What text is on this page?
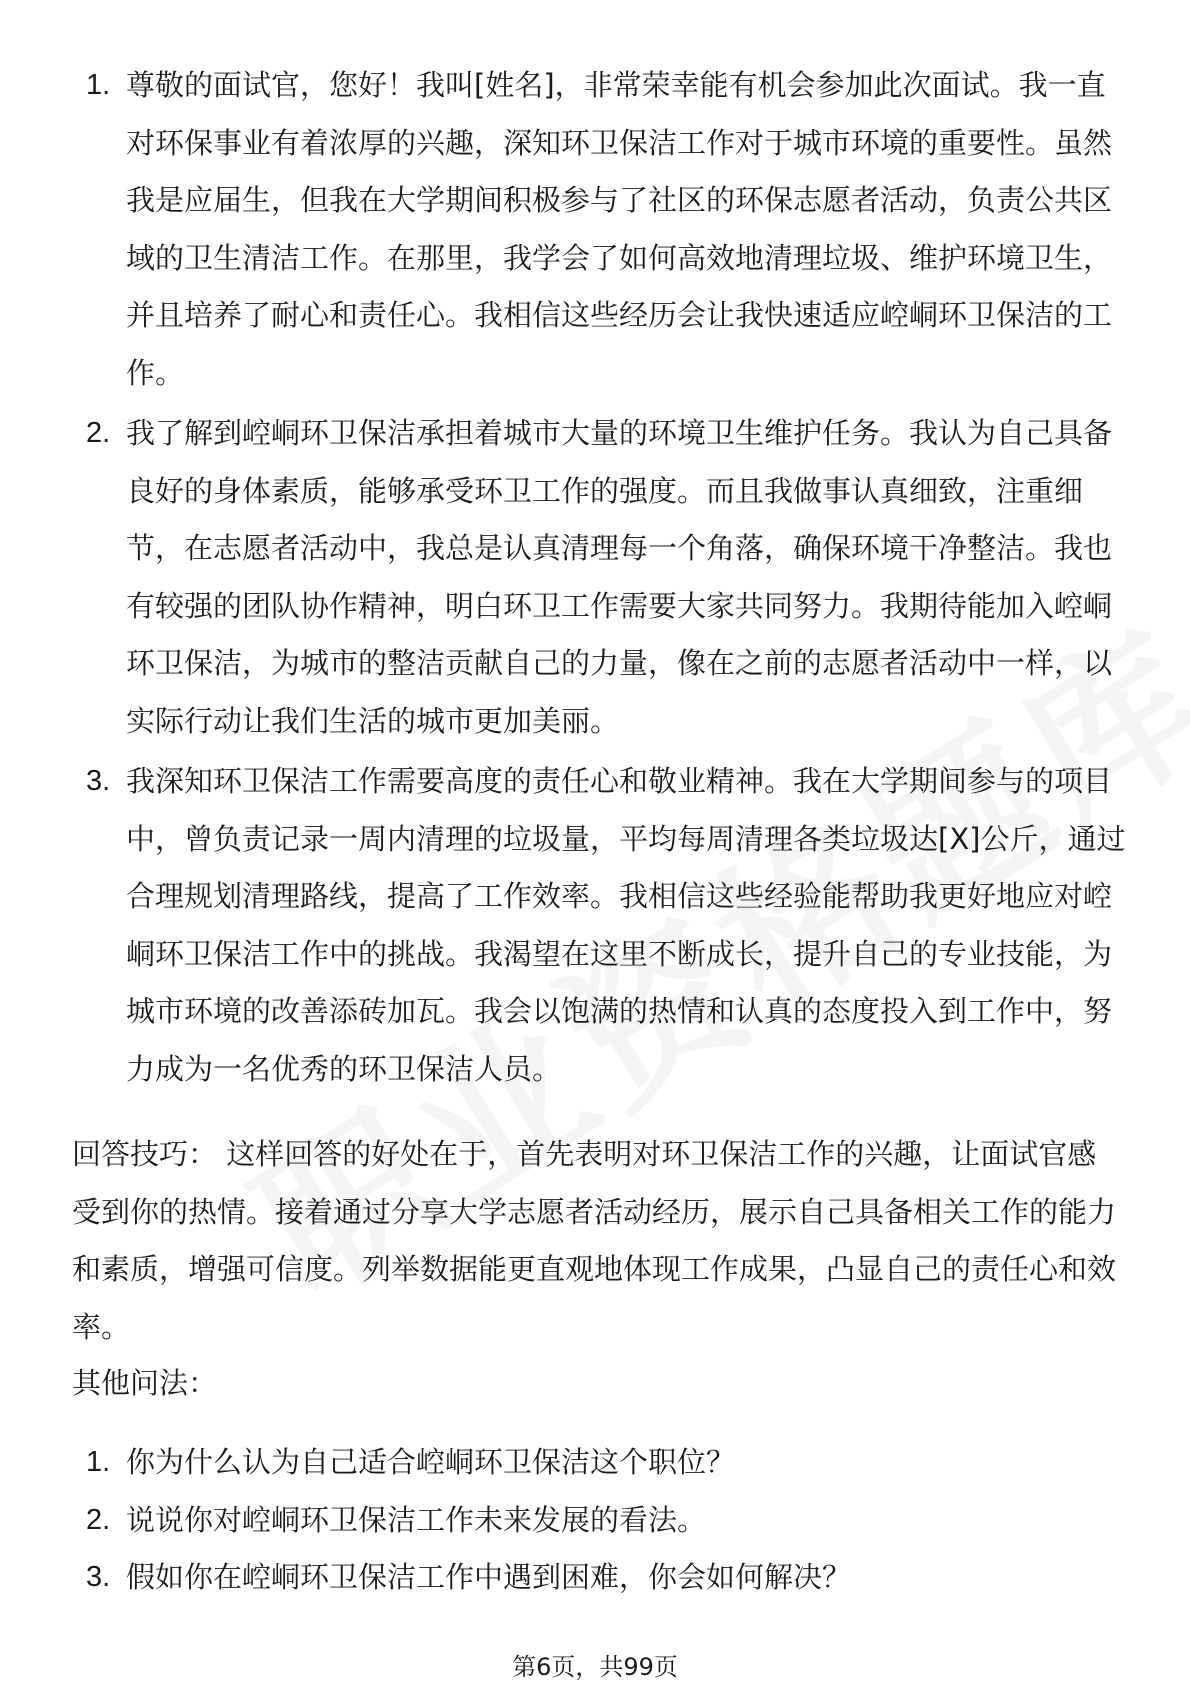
1. 尊敬的面试官，您好！我叫[姓名]，非常荣幸能有机会参加此次面试。我一直对环保事业有着浓厚的兴趣，深知环卫保洁工作对于城市环境的重要性。虽然我是应届生，但我在大学期间积极参与了社区的环保志愿者活动，负责公共区域的卫生清洁工作。在那里，我学会了如何高效地清理垃圾、维护环境卫生，并且培养了耐心和责任心。我相信这些经历会让我快速适应崆峒环卫保洁的工作。
2. 我了解到崆峒环卫保洁承担着城市大量的环境卫生维护任务。我认为自己具备良好的身体素质，能够承受环卫工作的强度。而且我做事认真细致，注重细节，在志愿者活动中，我总是认真清理每一个角落，确保环境干净整洁。我也有较强的团队协作精神，明白环卫工作需要大家共同努力。我期待能加入崆峒环卫保洁，为城市的整洁贡献自己的力量，像在之前的志愿者活动中一样，以实际行动让我们生活的城市更加美丽。
3. 我深知环卫保洁工作需要高度的责任心和敬业精神。我在大学期间参与的项目中，曾负责记录一周内清理的垃圾量，平均每周清理各类垃圾达[X]公斤，通过合理规划清理路线，提高了工作效率。我相信这些经验能帮助我更好地应对崆峒环卫保洁工作中的挑战。我渴望在这里不断成长，提升自己的专业技能，为城市环境的改善添砖加瓦。我会以饱满的热情和认真的态度投入到工作中，努力成为一名优秀的环卫保洁人员。

回答技巧： 这样回答的好处在于，首先表明对环卫保洁工作的兴趣，让面试官感受到你的热情。接着通过分享大学志愿者活动经历，展示自己具备相关工作的能力和素质，增强可信度。列举数据能更直观地体现工作成果，凸显自己的责任心和效率。

其他问法：

1. 你为什么认为自己适合崆峒环卫保洁这个职位？
2. 说说你对崆峒环卫保洁工作未来发展的看法。
3. 假如你在崆峒环卫保洁工作中遇到困难，你会如何解决？
第6页，共99页
